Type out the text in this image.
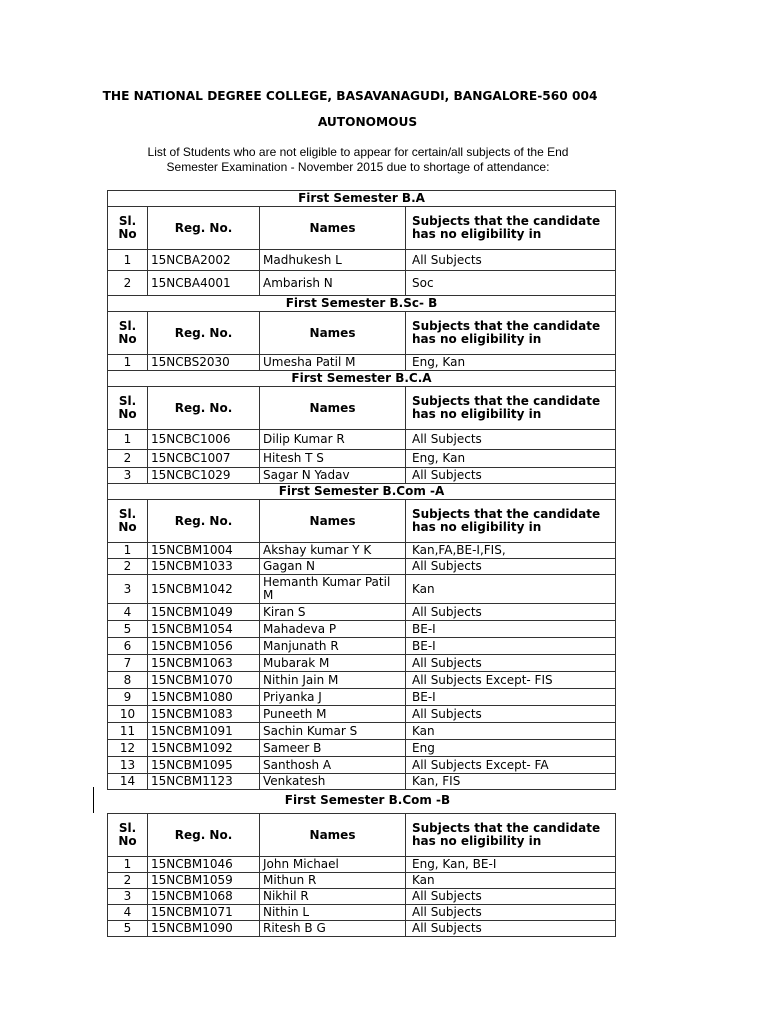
THE NATIONAL DEGREE COLLEGE, BASAVANAGUDI, BANGALORE-560 004
AUTONOMOUS
List of Students who are not eligible to appear for certain/all subjects of the End
Semester Examination - November 2015 due to shortage of attendance:
First Semester B.A			
Sl. No	Reg. No.	Names	Subjects that the candidate has no eligibility in
1	15NCBA2002	Madhukesh L	All Subjects
2	15NCBA4001	Ambarish N	Soc
First Semester B.Sc- B			
Sl. No	Reg. No.	Names	Subjects that the candidate has no eligibility in
1	15NCBS2030	Umesha Patil M	Eng, Kan
First Semester B.C.A			
Sl. No	Reg. No.	Names	Subjects that the candidate has no eligibility in
1	15NCBC1006	Dilip Kumar R	All Subjects
2	15NCBC1007	Hitesh T S	Eng, Kan
3	15NCBC1029	Sagar N Yadav	All Subjects
First Semester B.Com -A			
Sl. No	Reg. No.	Names	Subjects that the candidate has no eligibility in
1	15NCBM1004	Akshay kumar Y K	Kan,FA,BE-I,FIS,
2	15NCBM1033	Gagan N	All Subjects
3	15NCBM1042	Hemanth Kumar Patil M	Kan
4	15NCBM1049	Kiran S	All Subjects
5	15NCBM1054	Mahadeva P	BE-I
6	15NCBM1056	Manjunath R	BE-I
7	15NCBM1063	Mubarak M	All Subjects
8	15NCBM1070	Nithin Jain M	All Subjects Except- FIS
9	15NCBM1080	Priyanka J	BE-I
10	15NCBM1083	Puneeth M	All Subjects
11	15NCBM1091	Sachin Kumar S	Kan
12	15NCBM1092	Sameer B	Eng
13	15NCBM1095	Santhosh A	All Subjects Except- FA
14	15NCBM1123	Venkatesh	Kan, FIS
First Semester B.Com -B
Sl. No	Reg. No.	Names	Subjects that the candidate has no eligibility in
1	15NCBM1046	John Michael	Eng, Kan, BE-I
2	15NCBM1059	Mithun R	Kan
3	15NCBM1068	Nikhil R	All Subjects
4	15NCBM1071	Nithin L	All Subjects
5	15NCBM1090	Ritesh B G	All Subjects
